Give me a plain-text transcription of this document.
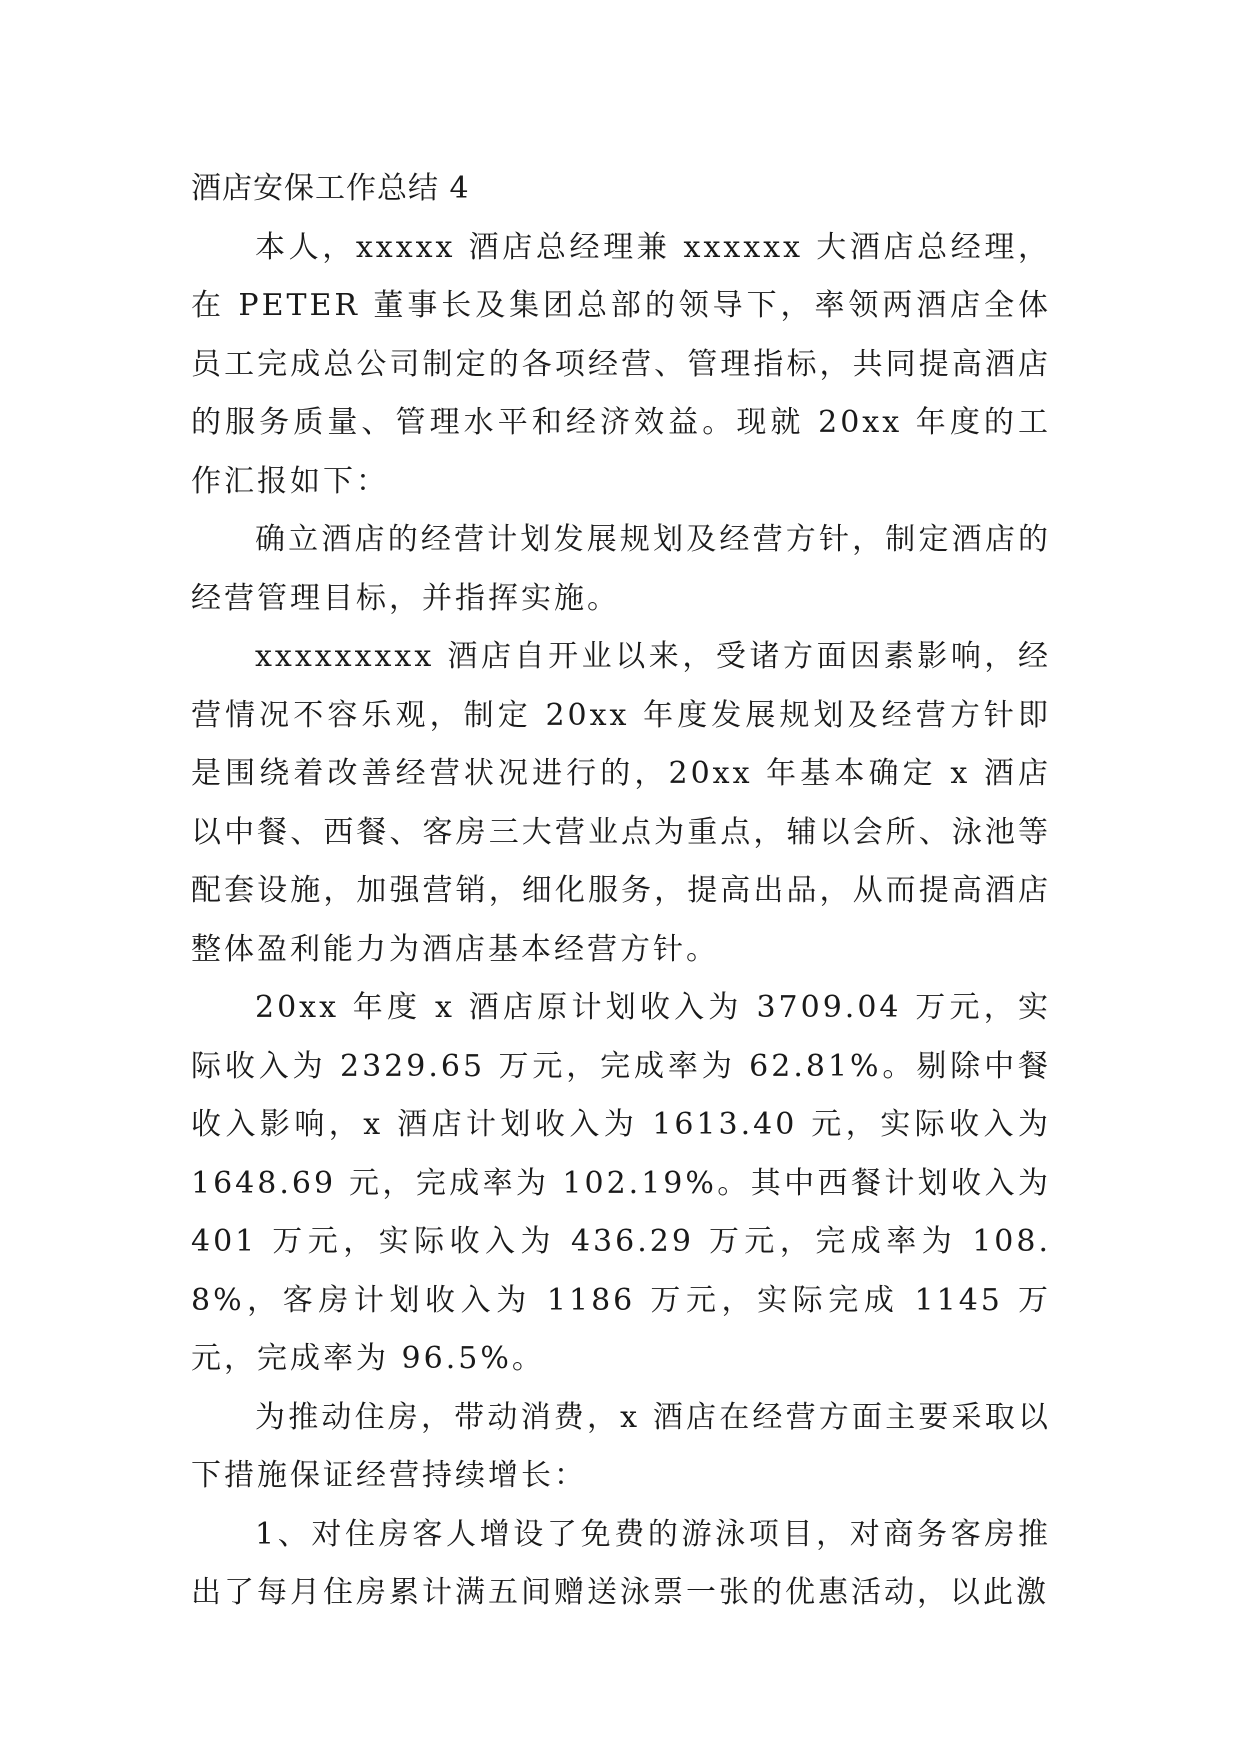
酒店安保工作总结 4

本人，xxxxx 酒店总经理兼 xxxxxx 大酒店总经理，在 PETER 董事长及集团总部的领导下，率领两酒店全体员工完成总公司制定的各项经营、管理指标，共同提高酒店的服务质量、管理水平和经济效益。现就 20xx 年度的工作汇报如下：

确立酒店的经营计划发展规划及经营方针，制定酒店的经营管理目标，并指挥实施。

xxxxxxxxx 酒店自开业以来，受诸方面因素影响，经营情况不容乐观，制定 20xx 年度发展规划及经营方针即是围绕着改善经营状况进行的，20xx 年基本确定 x 酒店以中餐、西餐、客房三大营业点为重点，辅以会所、泳池等配套设施，加强营销，细化服务，提高出品，从而提高酒店整体盈利能力为酒店基本经营方针。

20xx 年度 x 酒店原计划收入为 3709.04 万元，实际收入为 2329.65 万元，完成率为 62.81%。剔除中餐收入影响，x 酒店计划收入为 1613.40 元，实际收入为 1648.69 元，完成率为 102.19%。其中西餐计划收入为 401 万元，实际收入为 436.29 万元，完成率为 108.8%，客房计划收入为 1186 万元，实际完成 1145 万元，完成率为 96.5%。

为推动住房，带动消费，x 酒店在经营方面主要采取以下措施保证经营持续增长：

1、对住房客人增设了免费的游泳项目，对商务客房推出了每月住房累计满五间赠送泳票一张的优惠活动，以此激
